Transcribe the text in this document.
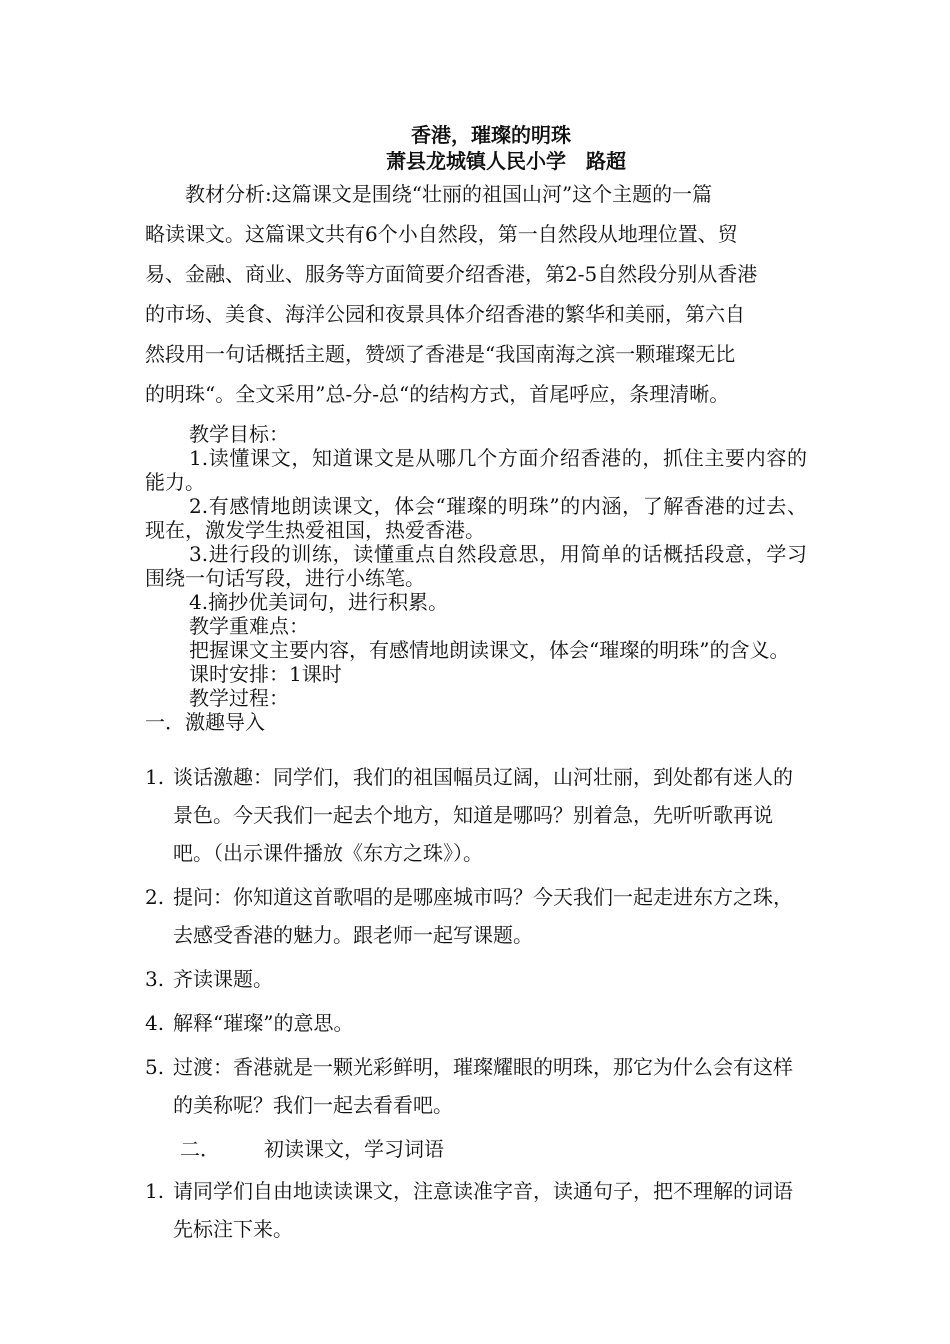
香港，璀璨的明珠

萧县龙城镇人民小学　路超

教材分析:这篇课文是围绕“壮丽的祖国山河”这个主题的一篇

略读课文。这篇课文共有6个小自然段，第一自然段从地理位置、贸

易、金融、商业、服务等方面简要介绍香港，第2-5自然段分别从香港

的市场、美食、海洋公园和夜景具体介绍香港的繁华和美丽，第六自

然段用一句话概括主题，赞颂了香港是“我国南海之滨一颗璀璨无比

的明珠“。全文采用”总-分-总“的结构方式，首尾呼应，条理清晰。

教学目标：

1.读懂课文，知道课文是从哪几个方面介绍香港的，抓住主要内容的能力。

2.有感情地朗读课文，体会“璀璨的明珠”的内涵，了解香港的过去、现在，激发学生热爱祖国，热爱香港。

3.进行段的训练，读懂重点自然段意思，用简单的话概括段意，学习围绕一句话写段，进行小练笔。

4.摘抄优美词句，进行积累。

教学重难点：

把握课文主要内容，有感情地朗读课文，体会“璀璨的明珠”的含义。

课时安排：1课时

教学过程：

一．激趣导入

1. 谈话激趣：同学们，我们的祖国幅员辽阔，山河壮丽，到处都有迷人的景色。今天我们一起去个地方，知道是哪吗？别着急，先听听歌再说吧。（出示课件播放《东方之珠》）。
2. 提问：你知道这首歌唱的是哪座城市吗？今天我们一起走进东方之珠，去感受香港的魅力。跟老师一起写课题。
3. 齐读课题。
4. 解释“璀璨”的意思。
5. 过渡：香港就是一颗光彩鲜明，璀璨耀眼的明珠，那它为什么会有这样的美称呢？我们一起去看看吧。

二． 初读课文，学习词语

1. 请同学们自由地读读课文，注意读准字音，读通句子，把不理解的词语先标注下来。
